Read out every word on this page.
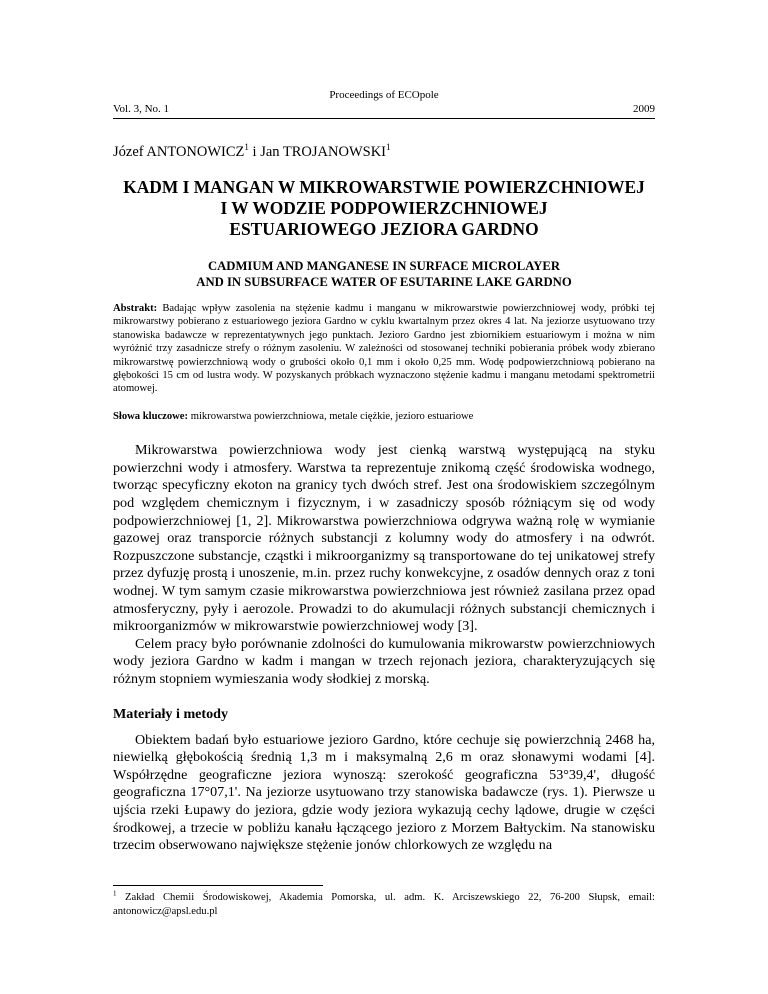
Proceedings of ECOpole
Vol. 3, No. 1	2009
Józef ANTONOWICZ$^1$ i Jan TROJANOWSKI$^1$
KADM I MANGAN W MIKROWARSTWIE POWIERZCHNIOWEJ
I W WODZIE PODPOWIERZCHNIOWEJ
ESTUARIOWEGO JEZIORA GARDNO
CADMIUM AND MANGANESE IN SURFACE MICROLAYER
AND IN SUBSURFACE WATER OF ESUTARINE LAKE GARDNO
Abstrakt: Badając wpływ zasolenia na stężenie kadmu i manganu w mikrowarstwie powierzchniowej wody, próbki tej mikrowarstwy pobierano z estuariowego jeziora Gardno w cyklu kwartalnym przez okres 4 lat. Na jeziorze usytuowano trzy stanowiska badawcze w reprezentatywnych jego punktach. Jezioro Gardno jest zbiornikiem estuariowym i można w nim wyróżnić trzy zasadnicze strefy o różnym zasoleniu. W zależności od stosowanej techniki pobierania próbek wody zbierano mikrowarstwę powierzchniową wody o grubości około 0,1 mm i około 0,25 mm. Wodę podpowierzchniową pobierano na głębokości 15 cm od lustra wody. W pozyskanych próbkach wyznaczono stężenie kadmu i manganu metodami spektrometrii atomowej.
Słowa kluczowe: mikrowarstwa powierzchniowa, metale ciężkie, jezioro estuariowe

Mikrowarstwa powierzchniowa wody jest cienką warstwą występującą na styku powierzchni wody i atmosfery. Warstwa ta reprezentuje znikomą część środowiska wodnego, tworząc specyficzny ekoton na granicy tych dwóch stref. Jest ona środowiskiem szczególnym pod względem chemicznym i fizycznym, i w zasadniczy sposób różniącym się od wody podpowierzchniowej [1, 2]. Mikrowarstwa powierzchniowa odgrywa ważną rolę w wymianie gazowej oraz transporcie różnych substancji z kolumny wody do atmosfery i na odwrót. Rozpuszczone substancje, cząstki i mikroorganizmy są transportowane do tej unikatowej strefy przez dyfuzję prostą i unoszenie, m.in. przez ruchy konwekcyjne, z osadów dennych oraz z toni wodnej. W tym samym czasie mikrowarstwa powierzchniowa jest również zasilana przez opad atmosferyczny, pyły i aerozole. Prowadzi to do akumulacji różnych substancji chemicznych i mikroorganizmów w mikrowarstwie powierzchniowej wody [3].

Celem pracy było porównanie zdolności do kumulowania mikrowarstw powierzchniowych wody jeziora Gardno w kadm i mangan w trzech rejonach jeziora, charakteryzujących się różnym stopniem wymieszania wody słodkiej z morską.

Materiały i metody

Obiektem badań było estuariowe jezioro Gardno, które cechuje się powierzchnią 2468 ha, niewielką głębokością średnią 1,3 m i maksymalną 2,6 m oraz słonawymi wodami [4]. Współrzędne geograficzne jeziora wynoszą: szerokość geograficzna 53°39,4', długość geograficzna 17°07,1'. Na jeziorze usytuowano trzy stanowiska badawcze (rys. 1). Pierwsze u ujścia rzeki Łupawy do jeziora, gdzie wody jeziora wykazują cechy lądowe, drugie w części środkowej, a trzecie w pobliżu kanału łączącego jezioro z Morzem Bałtyckim. Na stanowisku trzecim obserwowano największe stężenie jonów chlorkowych ze względu na

$^1$ Zakład Chemii Środowiskowej, Akademia Pomorska, ul. adm. K. Arciszewskiego 22, 76-200 Słupsk, email: antonowicz@apsl.edu.pl
